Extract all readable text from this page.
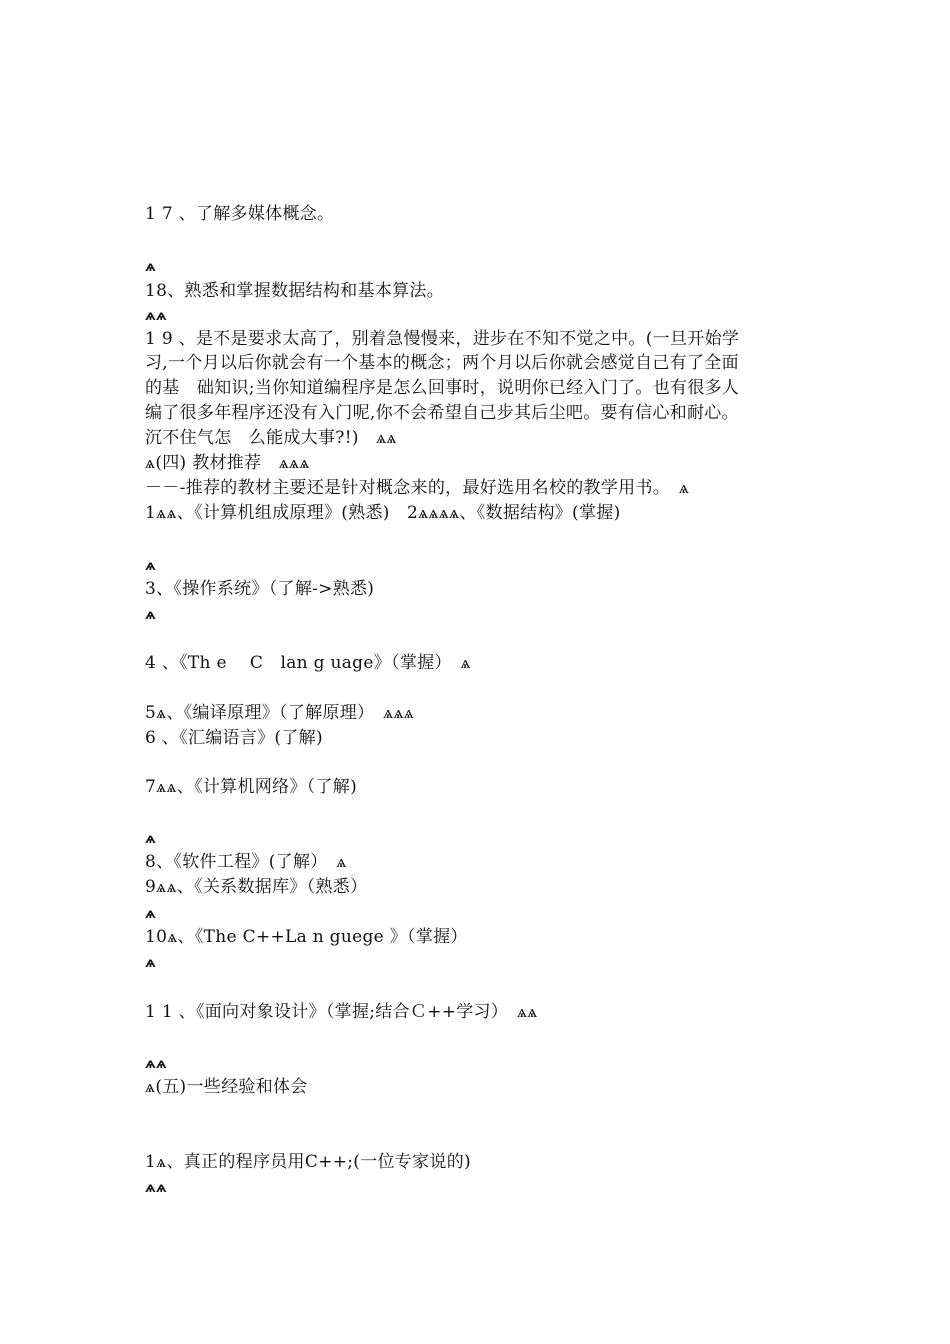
1 7 、了解多媒体概念。

ѧ

18、熟悉和掌握数据结构和基本算法。

ѧѧ

1 9 、是不是要求太高了，别着急慢慢来，进步在不知不觉之中。(一旦开始学

习,一个月以后你就会有一个基本的概念；两个月以后你就会感觉自己有了全面

的基　础知识;当你知道编程序是怎么回事时，说明你已经入门了。也有很多人

编了很多年程序还没有入门呢,你不会希望自己步其后尘吧。要有信心和耐心。

沉不住气怎　么能成大事?!)　ѧѧ

ѧ(四) 教材推荐　ѧѧѧ

－－-推荐的教材主要还是针对概念来的，最好选用名校的教学用书。　ѧ

1ѧѧ、《计算机组成原理》(熟悉)　2ѧѧѧѧ、《数据结构》(掌握)

ѧ

3、《操作系统》（了解->熟悉)

ѧ

4 、《Th e　 C　lan g uage》（掌握）　ѧ

5ѧ、《编译原理》（了解原理）　ѧѧѧ

6 、《汇编语言》(了解)

7ѧѧ、《计算机网络》（了解)

ѧ

8、《软件工程》(了解）　ѧ

9ѧѧ、《关系数据库》（熟悉）

ѧ

10ѧ、《The C++La n guege 》（掌握）

ѧ

1 1 、《面向对象设计》（掌握;结合Ｃ++学习）　ѧѧ

ѧѧ

ѧ(五)一些经验和体会

1ѧ、真正的程序员用C++;(一位专家说的)

ѧѧ
